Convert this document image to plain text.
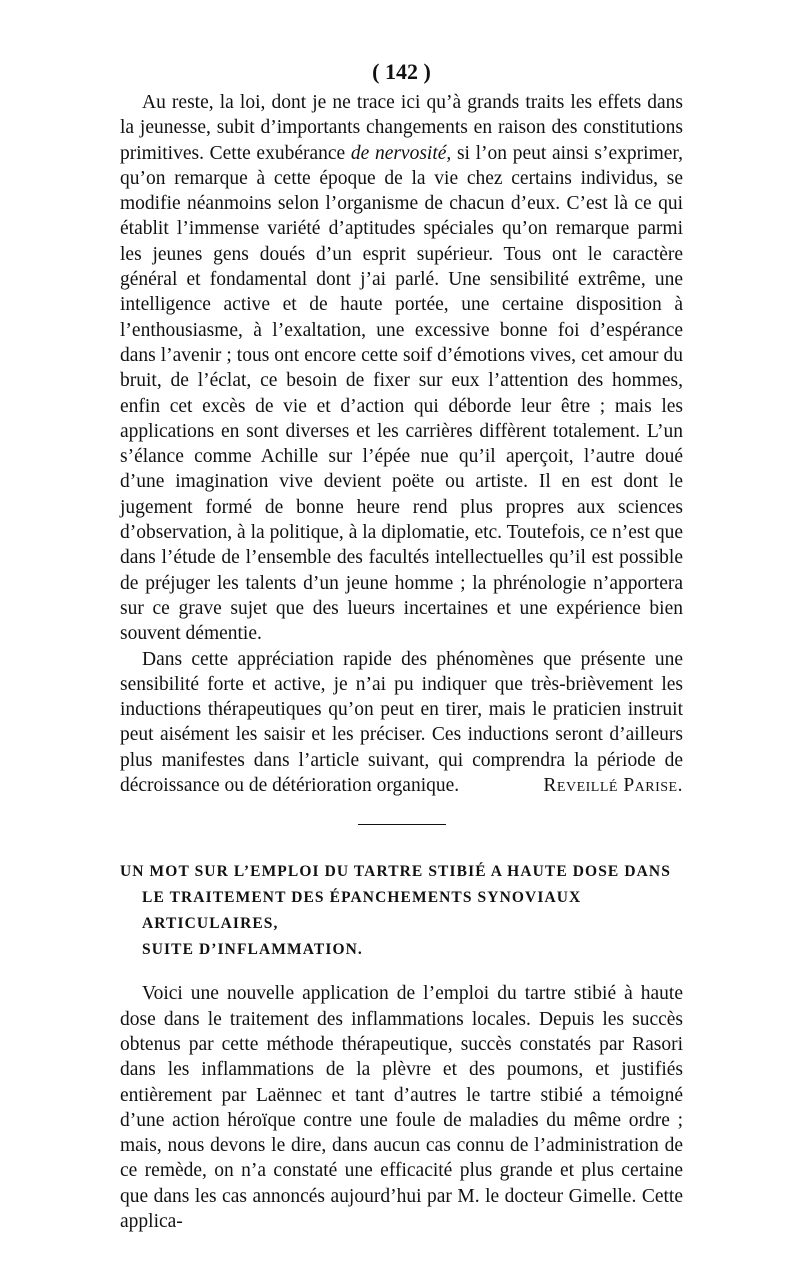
( 142 )

Au reste, la loi, dont je ne trace ici qu’à grands traits les effets dans la jeunesse, subit d’importants changements en raison des constitutions primitives. Cette exubérance de nervosité, si l’on peut ainsi s’exprimer, qu’on remarque à cette époque de la vie chez certains individus, se modifie néanmoins selon l’organisme de chacun d’eux. C’est là ce qui établit l’immense variété d’aptitudes spéciales qu’on remarque parmi les jeunes gens doués d’un esprit supérieur. Tous ont le caractère général et fondamental dont j’ai parlé. Une sensibilité extrême, une intelligence active et de haute portée, une certaine disposition à l’enthousiasme, à l’exaltation, une excessive bonne foi d’espérance dans l’avenir ; tous ont encore cette soif d’émotions vives, cet amour du bruit, de l’éclat, ce besoin de fixer sur eux l’attention des hommes, enfin cet excès de vie et d’action qui déborde leur être ; mais les applications en sont diverses et les carrières diffèrent totalement. L’un s’élance comme Achille sur l’épée nue qu’il aperçoit, l’autre doué d’une imagination vive devient poëte ou artiste. Il en est dont le jugement formé de bonne heure rend plus propres aux sciences d’observation, à la politique, à la diplomatie, etc. Toutefois, ce n’est que dans l’étude de l’ensemble des facultés intellectuelles qu’il est possible de préjuger les talents d’un jeune homme ; la phrénologie n’apportera sur ce grave sujet que des lueurs incertaines et une expérience bien souvent démentie.

Dans cette appréciation rapide des phénomènes que présente une sensibilité forte et active, je n’ai pu indiquer que très-brièvement les inductions thérapeutiques qu’on peut en tirer, mais le praticien instruit peut aisément les saisir et les préciser. Ces inductions seront d’ailleurs plus manifestes dans l’article suivant, qui comprendra la période de décroissance ou de détérioration organique.	Reveillé Parise.

UN MOT SUR L’EMPLOI DU TARTRE STIBIÉ A HAUTE DOSE DANS
LE TRAITEMENT DES ÉPANCHEMENTS SYNOVIAUX ARTICULAIRES,
SUITE D’INFLAMMATION.

Voici une nouvelle application de l’emploi du tartre stibié à haute dose dans le traitement des inflammations locales. Depuis les succès obtenus par cette méthode thérapeutique, succès constatés par Rasori dans les inflammations de la plèvre et des poumons, et justifiés entièrement par Laënnec et tant d’autres le tartre stibié a témoigné d’une action héroïque contre une foule de maladies du même ordre ; mais, nous devons le dire, dans aucun cas connu de l’administration de ce remède, on n’a constaté une efficacité plus grande et plus certaine que dans les cas annoncés aujourd’hui par M. le docteur Gimelle. Cette applica-
